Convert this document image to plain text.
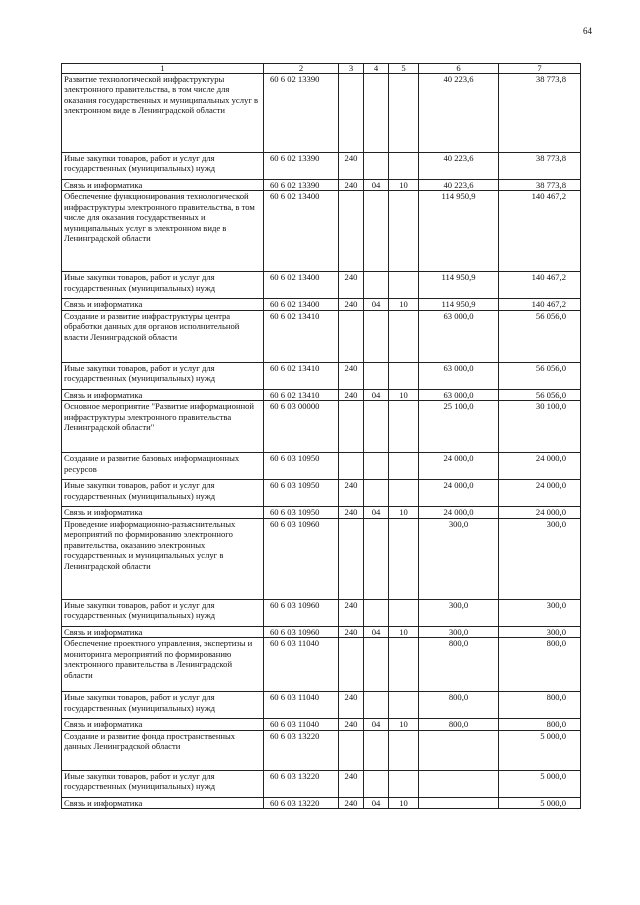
64
1	2	3	4	5	6	7
Развитие технологической инфраструктуры электронного правительства, в том числе для оказания государственных и муниципальных услуг в электронном виде в Ленинградской области	60 6 02 13390				40 223,6	38 773,8
Иные закупки товаров, работ и услуг для государственных (муниципальных) нужд	60 6 02 13390	240			40 223,6	38 773,8
Связь и информатика	60 6 02 13390	240	04	10	40 223,6	38 773,8
Обеспечение функционирования технологической инфраструктуры электронного правительства, в том числе для оказания государственных и муниципальных услуг в электронном виде в Ленинградской области	60 6 02 13400				114 950,9	140 467,2
Иные закупки товаров, работ и услуг для государственных (муниципальных) нужд	60 6 02 13400	240			114 950,9	140 467,2
Связь и информатика	60 6 02 13400	240	04	10	114 950,9	140 467,2
Создание и развитие инфраструктуры центра обработки данных для органов исполнительной власти Ленинградской области	60 6 02 13410				63 000,0	56 056,0
Иные закупки товаров, работ и услуг для государственных (муниципальных) нужд	60 6 02 13410	240			63 000,0	56 056,0
Связь и информатика	60 6 02 13410	240	04	10	63 000,0	56 056,0
Основное мероприятие "Развитие информационной инфраструктуры электронного правительства Ленинградской области"	60 6 03 00000				25 100,0	30 100,0
Создание и развитие базовых информационных ресурсов	60 6 03 10950				24 000,0	24 000,0
Иные закупки товаров, работ и услуг для государственных (муниципальных) нужд	60 6 03 10950	240			24 000,0	24 000,0
Связь и информатика	60 6 03 10950	240	04	10	24 000,0	24 000,0
Проведение информационно-разъяснительных мероприятий по формированию электронного правительства, оказанию электронных государственных и муниципальных услуг в Ленинградской области	60 6 03 10960				300,0	300,0
Иные закупки товаров, работ и услуг для государственных (муниципальных) нужд	60 6 03 10960	240			300,0	300,0
Связь и информатика	60 6 03 10960	240	04	10	300,0	300,0
Обеспечение проектного управления, экспертизы и мониторинга мероприятий по формированию электронного правительства в Ленинградской области	60 6 03 11040				800,0	800,0
Иные закупки товаров, работ и услуг для государственных (муниципальных) нужд	60 6 03 11040	240			800,0	800,0
Связь и информатика	60 6 03 11040	240	04	10	800,0	800,0
Создание и развитие фонда пространственных данных Ленинградской области	60 6 03 13220					5 000,0
Иные закупки товаров, работ и услуг для государственных (муниципальных) нужд	60 6 03 13220	240				5 000,0
Связь и информатика	60 6 03 13220	240	04	10		5 000,0
